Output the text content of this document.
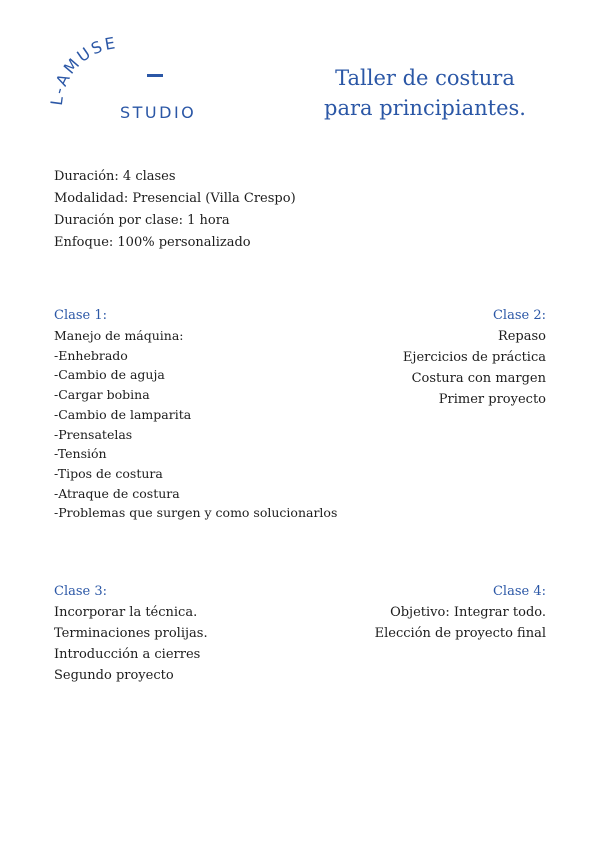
L-AMUSE
STUDIO
Taller de costura
para principiantes.
Duración: 4 clases
Modalidad: Presencial (Villa Crespo)
Duración por clase: 1 hora
Enfoque: 100% personalizado
Clase 1:
Manejo de máquina:
-Enhebrado
-Cambio de aguja
-Cargar bobina
-Cambio de lamparita
-Prensatelas
-Tensión
-Tipos de costura
-Atraque de costura
-Problemas que surgen y como solucionarlos
Clase 2:
Repaso
Ejercicios de práctica
Costura con margen
Primer proyecto
Clase 3:
Incorporar la técnica.
Terminaciones prolijas.
Introducción a cierres
Segundo proyecto
Clase 4:
Objetivo: Integrar todo.
Elección de proyecto final
